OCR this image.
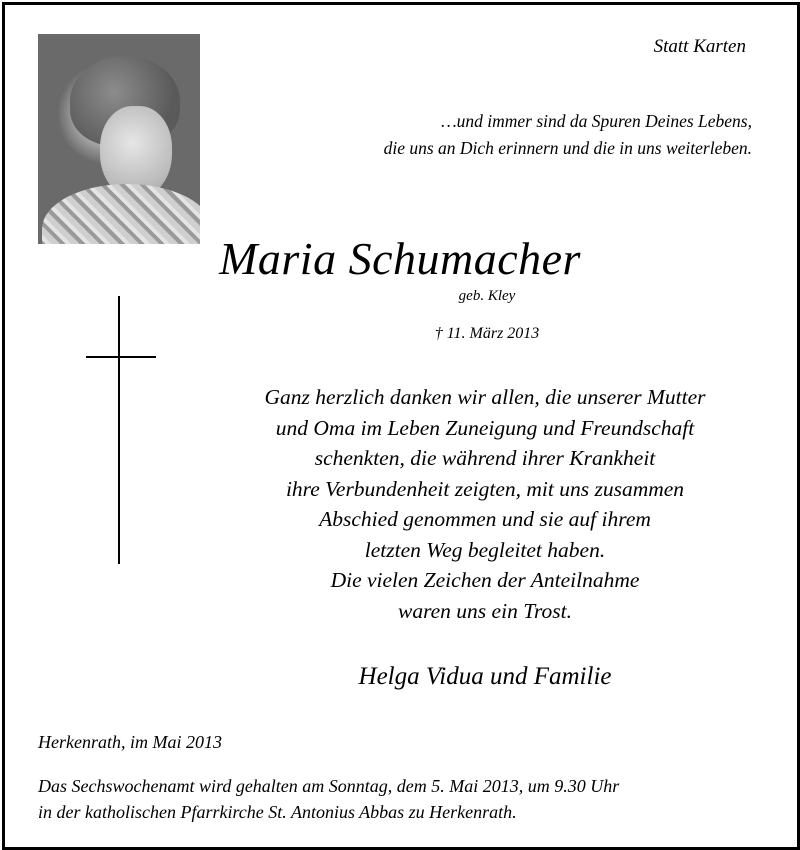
Statt Karten
…und immer sind da Spuren Deines Lebens,
die uns an Dich erinnern und die in uns weiterleben.
Maria Schumacher
geb. Kley
† 11. März 2013
Ganz herzlich danken wir allen, die unserer Mutter
und Oma im Leben Zuneigung und Freundschaft
schenkten, die während ihrer Krankheit
ihre Verbundenheit zeigten, mit uns zusammen
Abschied genommen und sie auf ihrem
letzten Weg begleitet haben.
Die vielen Zeichen der Anteilnahme
waren uns ein Trost.
Helga Vidua und Familie
Herkenrath, im Mai 2013
Das Sechswochenamt wird gehalten am Sonntag, dem 5. Mai 2013, um 9.30 Uhr
in der katholischen Pfarrkirche St. Antonius Abbas zu Herkenrath.
